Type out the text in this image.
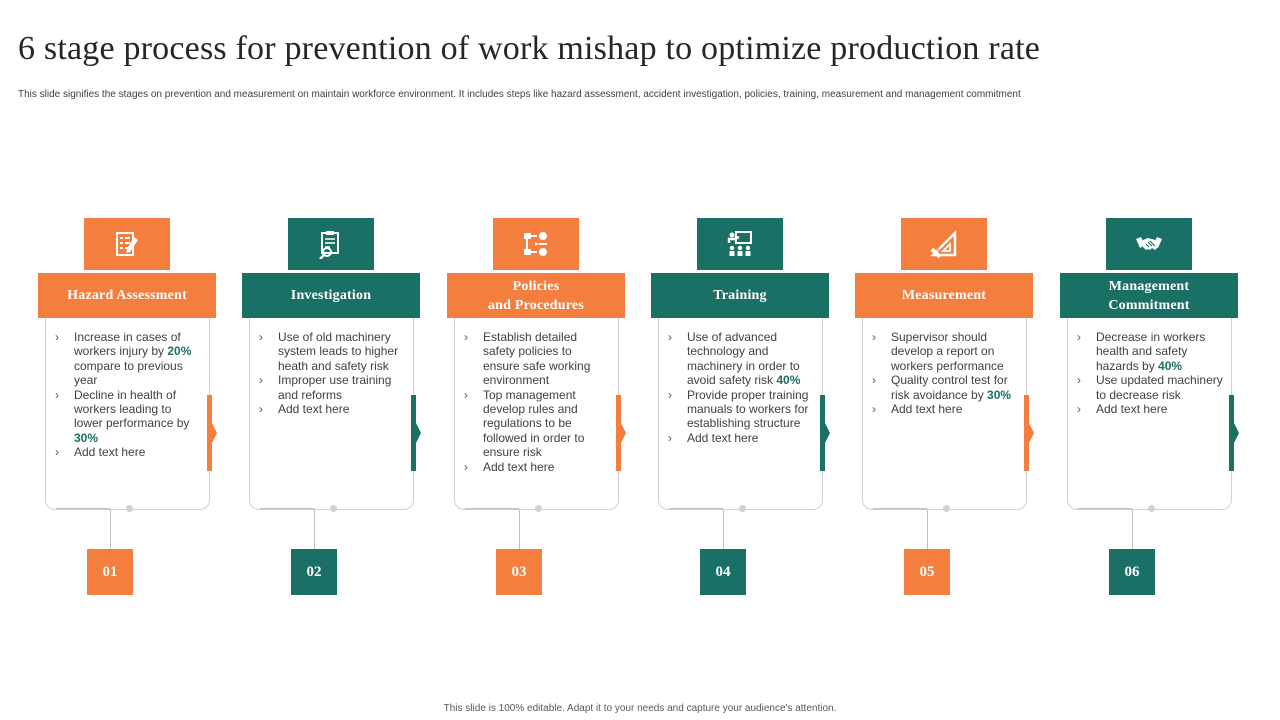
6 stage process for prevention of work mishap to optimize production rate
This slide signifies the stages on prevention and measurement on maintain workforce environment. It includes steps like hazard assessment, accident investigation, policies, training, measurement and management commitment
Hazard Assessment
› Increase in cases of workers injury by 20% compare to previous year
› Decline in health of workers leading to lower performance by 30%
› Add text here
01
Investigation
› Use of old machinery system leads to higher heath and safety risk
› Improper use training and reforms
› Add text here
02
Policies
and Procedures
› Establish detailed safety policies to ensure safe working environment
› Top management develop rules and regulations to be followed in order to ensure risk
› Add text here
03
Training
› Use of advanced technology and machinery in order to avoid safety risk 40%
› Provide proper training manuals to workers for establishing structure
› Add text here
04
Measurement
› Supervisor should develop a report on workers performance
› Quality control test for risk avoidance by 30%
› Add text here
05
Management
Commitment
› Decrease in workers health and safety hazards by 40%
› Use updated machinery to decrease risk
› Add text here
06
This slide is 100% editable. Adapt it to your needs and capture your audience's attention.
